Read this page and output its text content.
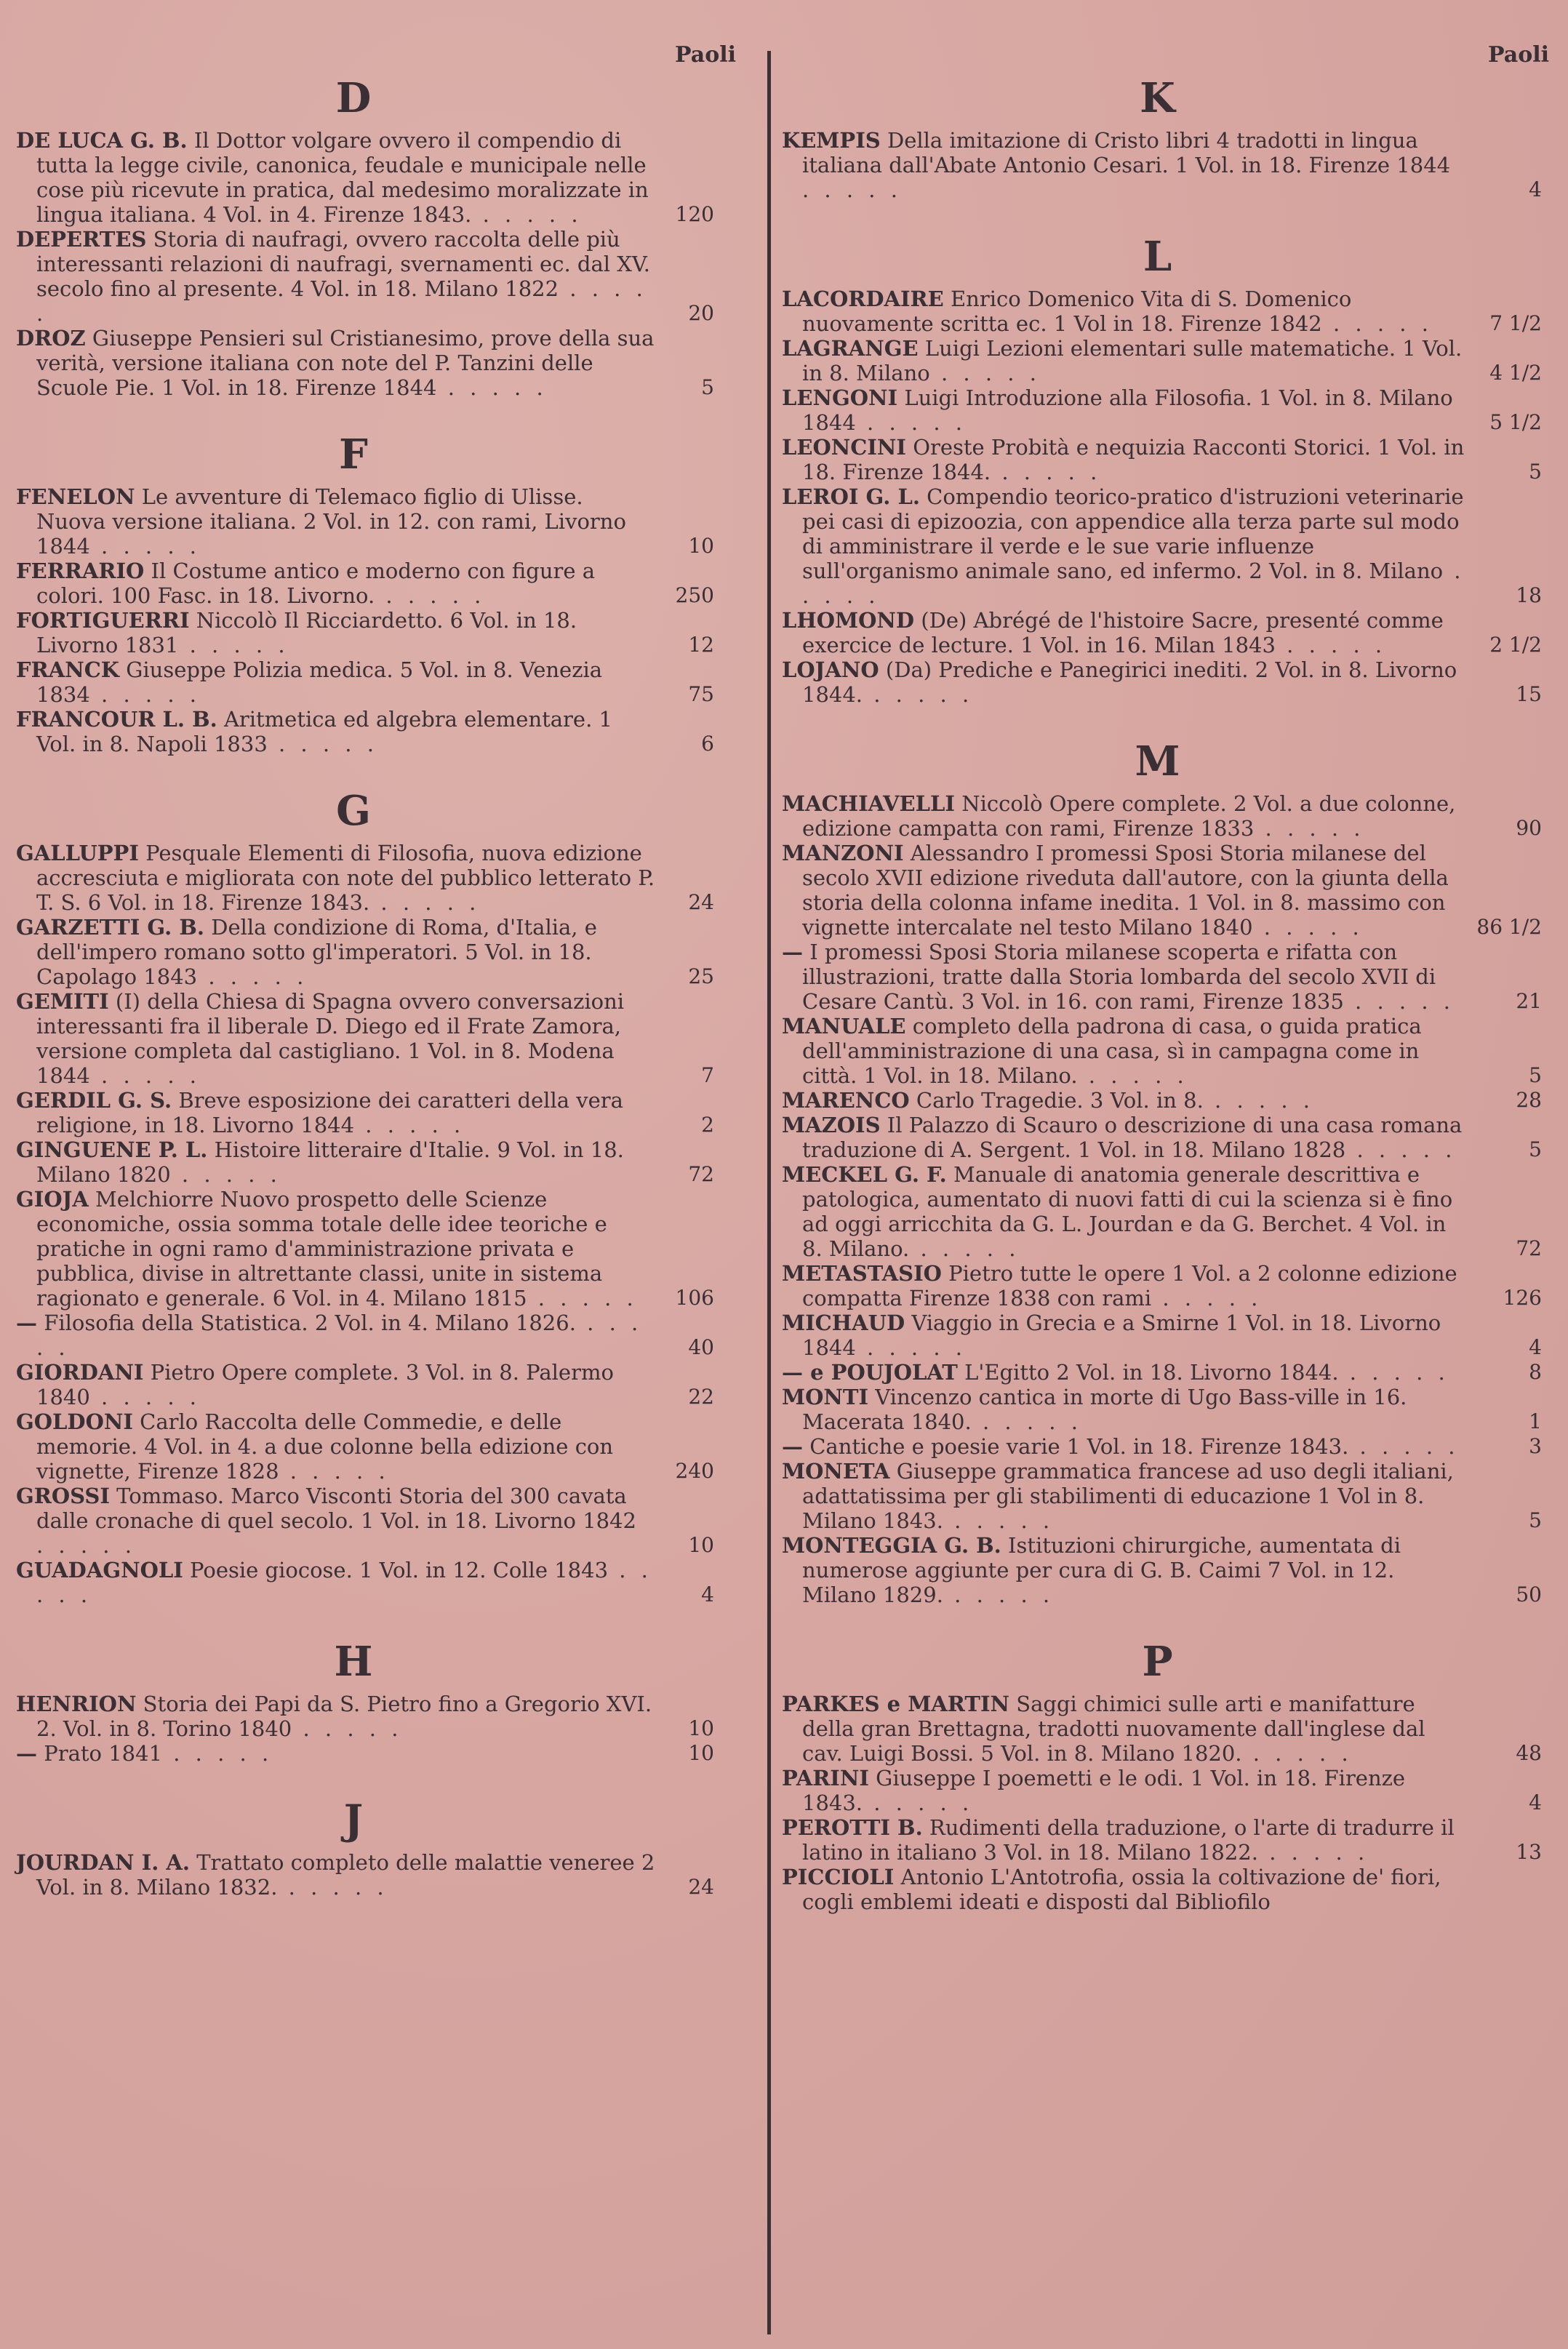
Paoli
D
DE LUCA G. B. Il Dottor volgare ovvero il compendio di tutta la legge civile, canonica, feudale e municipale nelle cose più ricevute in pratica, dal medesimo moralizzate in lingua italiana. 4 Vol. in 4. Firenze 1843. . . . . .	120
DEPERTES Storia di naufragi, ovvero raccolta delle più interessanti relazioni di naufragi, svernamenti ec. dal XV. secolo fino al presente. 4 Vol. in 18. Milano 1822 . . . . .	20
DROZ Giuseppe Pensieri sul Cristianesimo, prove della sua verità, versione italiana con note del P. Tanzini delle Scuole Pie. 1 Vol. in 18. Firenze 1844 . . . . .	5
F
FENELON Le avventure di Telemaco figlio di Ulisse. Nuova versione italiana. 2 Vol. in 12. con rami, Livorno 1844 . . . . .	10
FERRARIO Il Costume antico e moderno con figure a colori. 100 Fasc. in 18. Livorno. . . . . .	250
FORTIGUERRI Niccolò Il Ricciardetto. 6 Vol. in 18. Livorno 1831 . . . . .	12
FRANCK Giuseppe Polizia medica. 5 Vol. in 8. Venezia 1834 . . . . .	75
FRANCOUR L. B. Aritmetica ed algebra elementare. 1 Vol. in 8. Napoli 1833 . . . . .	6
G
GALLUPPI Pesquale Elementi di Filosofia, nuova edizione accresciuta e migliorata con note del pubblico letterato P. T. S. 6 Vol. in 18. Firenze 1843. . . . . .	24
GARZETTI G. B. Della condizione di Roma, d'Italia, e dell'impero romano sotto gl'imperatori. 5 Vol. in 18. Capolago 1843 . . . . .	25
GEMITI (I) della Chiesa di Spagna ovvero conversazioni interessanti fra il liberale D. Diego ed il Frate Zamora, versione completa dal castigliano. 1 Vol. in 8. Modena 1844 . . . . .	7
GERDIL G. S. Breve esposizione dei caratteri della vera religione, in 18. Livorno 1844 . . . . .	2
GINGUENE P. L. Histoire litteraire d'Italie. 9 Vol. in 18. Milano 1820 . . . . .	72
GIOJA Melchiorre Nuovo prospetto delle Scienze economiche, ossia somma totale delle idee teoriche e pratiche in ogni ramo d'amministrazione privata e pubblica, divise in altrettante classi, unite in sistema ragionato e generale. 6 Vol. in 4. Milano 1815 . . . . .	106
— Filosofia della Statistica. 2 Vol. in 4. Milano 1826. . . . . .	40
GIORDANI Pietro Opere complete. 3 Vol. in 8. Palermo 1840 . . . . .	22
GOLDONI Carlo Raccolta delle Commedie, e delle memorie. 4 Vol. in 4. a due colonne bella edizione con vignette, Firenze 1828 . . . . .	240
GROSSI Tommaso. Marco Visconti Storia del 300 cavata dalle cronache di quel secolo. 1 Vol. in 18. Livorno 1842 . . . . .	10
GUADAGNOLI Poesie giocose. 1 Vol. in 12. Colle 1843 . . . . .	4
H
HENRION Storia dei Papi da S. Pietro fino a Gregorio XVI. 2. Vol. in 8. Torino 1840 . . . . .	10
— Prato 1841 . . . . .	10
J
JOURDAN I. A. Trattato completo delle malattie veneree 2 Vol. in 8. Milano 1832. . . . . .	24
Paoli
K
KEMPIS Della imitazione di Cristo libri 4 tradotti in lingua italiana dall'Abate Antonio Cesari. 1 Vol. in 18. Firenze 1844 . . . . .	4
L
LACORDAIRE Enrico Domenico Vita di S. Domenico nuovamente scritta ec. 1 Vol in 18. Firenze 1842 . . . . .	7 1/2
LAGRANGE Luigi Lezioni elementari sulle matematiche. 1 Vol. in 8. Milano . . . . .	4 1/2
LENGONI Luigi Introduzione alla Filosofia. 1 Vol. in 8. Milano 1844 . . . . .	5 1/2
LEONCINI Oreste Probità e nequizia Racconti Storici. 1 Vol. in 18. Firenze 1844. . . . . .	5
LEROI G. L. Compendio teorico-pratico d'istruzioni veterinarie pei casi di epizoozia, con appendice alla terza parte sul modo di amministrare il verde e le sue varie influenze sull'organismo animale sano, ed infermo. 2 Vol. in 8. Milano . . . . .	18
LHOMOND (De) Abrégé de l'histoire Sacre, presenté comme exercice de lecture. 1 Vol. in 16. Milan 1843 . . . . .	2 1/2
LOJANO (Da) Prediche e Panegirici inediti. 2 Vol. in 8. Livorno 1844. . . . . .	15
M
MACHIAVELLI Niccolò Opere complete. 2 Vol. a due colonne, edizione campatta con rami, Firenze 1833 . . . . .	90
MANZONI Alessandro I promessi Sposi Storia milanese del secolo XVII edizione riveduta dall'autore, con la giunta della storia della colonna infame inedita. 1 Vol. in 8. massimo con vignette intercalate nel testo Milano 1840 . . . . .	86 1/2
— I promessi Sposi Storia milanese scoperta e rifatta con illustrazioni, tratte dalla Storia lombarda del secolo XVII di Cesare Cantù. 3 Vol. in 16. con rami, Firenze 1835 . . . . .	21
MANUALE completo della padrona di casa, o guida pratica dell'amministrazione di una casa, sì in campagna come in città. 1 Vol. in 18. Milano. . . . . .	5
MARENCO Carlo Tragedie. 3 Vol. in 8. . . . . .	28
MAZOIS Il Palazzo di Scauro o descrizione di una casa romana traduzione di A. Sergent. 1 Vol. in 18. Milano 1828 . . . . .	5
MECKEL G. F. Manuale di anatomia generale descrittiva e patologica, aumentato di nuovi fatti di cui la scienza si è fino ad oggi arricchita da G. L. Jourdan e da G. Berchet. 4 Vol. in 8. Milano. . . . . .	72
METASTASIO Pietro tutte le opere 1 Vol. a 2 colonne edizione compatta Firenze 1838 con rami . . . . .	126
MICHAUD Viaggio in Grecia e a Smirne 1 Vol. in 18. Livorno 1844 . . . . .	4
— e POUJOLAT L'Egitto 2 Vol. in 18. Livorno 1844. . . . . .	8
MONTI Vincenzo cantica in morte di Ugo Bass-ville in 16. Macerata 1840. . . . . .	1
— Cantiche e poesie varie 1 Vol. in 18. Firenze 1843. . . . . .	3
MONETA Giuseppe grammatica francese ad uso degli italiani, adattatissima per gli stabilimenti di educazione 1 Vol in 8. Milano 1843. . . . . .	5
MONTEGGIA G. B. Istituzioni chirurgiche, aumentata di numerose aggiunte per cura di G. B. Caimi 7 Vol. in 12. Milano 1829. . . . . .	50
P
PARKES e MARTIN Saggi chimici sulle arti e manifatture della gran Brettagna, tradotti nuovamente dall'inglese dal cav. Luigi Bossi. 5 Vol. in 8. Milano 1820. . . . . .	48
PARINI Giuseppe I poemetti e le odi. 1 Vol. in 18. Firenze 1843. . . . . .	4
PEROTTI B. Rudimenti della traduzione, o l'arte di tradurre il latino in italiano 3 Vol. in 18. Milano 1822. . . . . .	13
PICCIOLI Antonio L'Antotrofia, ossia la coltivazione de' fiori, cogli emblemi ideati e disposti dal Bibliofilo
